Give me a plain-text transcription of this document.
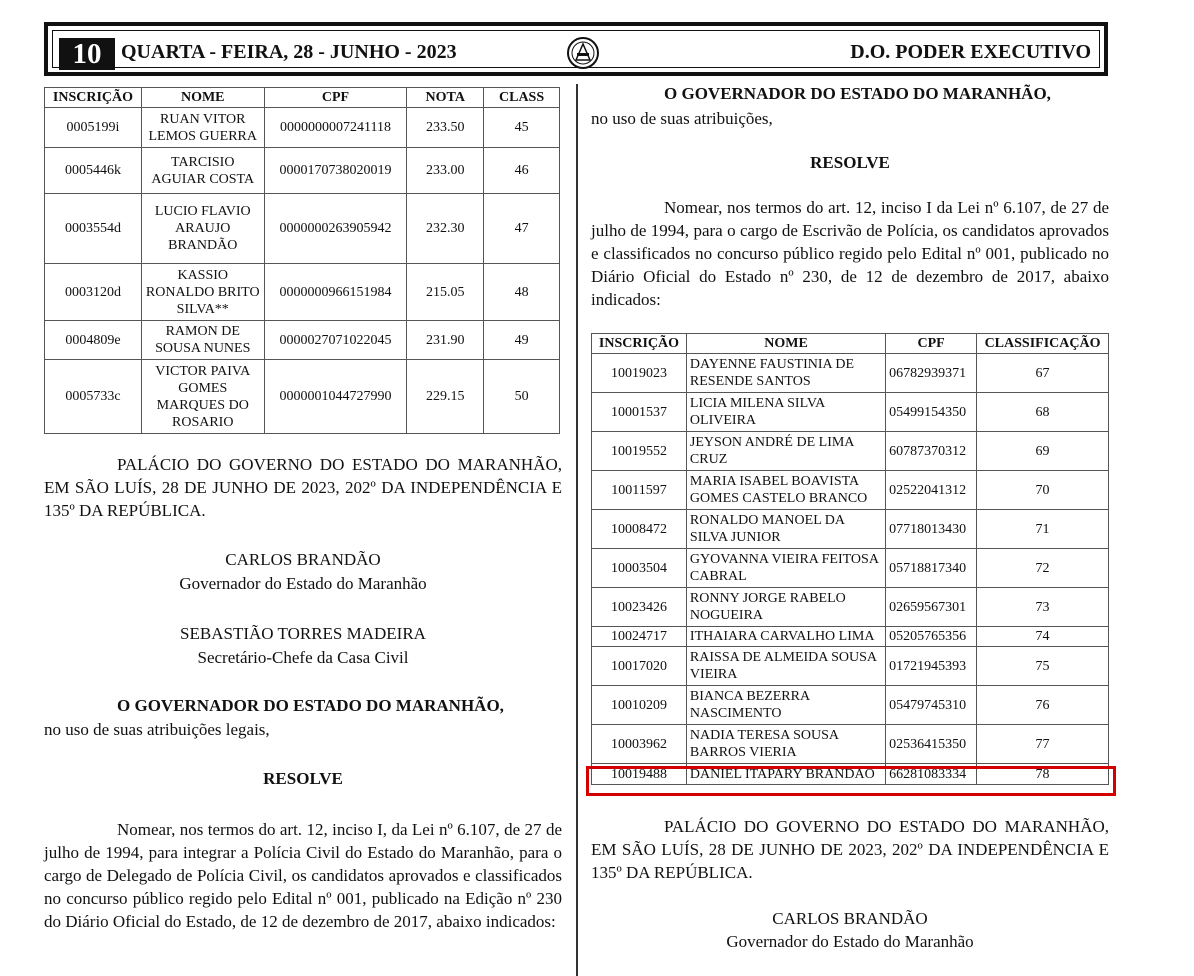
10 QUARTA - FEIRA, 28 - JUNHO - 2023	D.O. PODER EXECUTIVO
INSCRIÇÃO	NOME	CPF	NOTA	CLASS
0005199i	RUAN VITOR LEMOS GUERRA	0000000007241118	233.50	45
0005446k	TARCISIO AGUIAR COSTA	0000170738020019	233.00	46
0003554d	LUCIO FLAVIO ARAUJO BRANDÃO	0000000263905942	232.30	47
0003120d	KASSIO RONALDO BRITO SILVA**	0000000966151984	215.05	48
0004809e	RAMON DE SOUSA NUNES	0000027071022045	231.90	49
0005733c	VICTOR PAIVA GOMES MARQUES DO ROSARIO	0000001044727990	229.15	50
PALÁCIO DO GOVERNO DO ESTADO DO MARANHÃO, EM SÃO LUÍS, 28 DE JUNHO DE 2023, 202º DA INDEPENDÊNCIA E 135º DA REPÚBLICA.
CARLOS BRANDÃO
Governador do Estado do Maranhão
SEBASTIÃO TORRES MADEIRA
Secretário-Chefe da Casa Civil
O GOVERNADOR DO ESTADO DO MARANHÃO,
no uso de suas atribuições legais,
RESOLVE
Nomear, nos termos do art. 12, inciso I, da Lei nº 6.107, de 27 de julho de 1994, para integrar a Polícia Civil do Estado do Maranhão, para o cargo de Delegado de Polícia Civil, os candidatos aprovados e classificados no concurso público regido pelo Edital nº 001, publicado na Edição nº 230 do Diário Oficial do Estado, de 12 de dezembro de 2017, abaixo indicados:
O GOVERNADOR DO ESTADO DO MARANHÃO,
no uso de suas atribuições,
RESOLVE
Nomear, nos termos do art. 12, inciso I da Lei nº 6.107, de 27 de julho de 1994, para o cargo de Escrivão de Polícia, os candidatos aprovados e classificados no concurso público regido pelo Edital nº 001, publicado no Diário Oficial do Estado nº 230, de 12 de dezembro de 2017, abaixo indicados:
INSCRIÇÃO	NOME	CPF	CLASSIFICAÇÃO
10019023	DAYENNE FAUSTINIA DE RESENDE SANTOS	06782939371	67
10001537	LICIA MILENA SILVA OLIVEIRA	05499154350	68
10019552	JEYSON ANDRÉ DE LIMA CRUZ	60787370312	69
10011597	MARIA ISABEL BOAVISTA GOMES CASTELO BRANCO	02522041312	70
10008472	RONALDO MANOEL DA SILVA JUNIOR	07718013430	71
10003504	GYOVANNA VIEIRA FEITOSA CABRAL	05718817340	72
10023426	RONNY JORGE RABELO NOGUEIRA	02659567301	73
10024717	ITHAIARA CARVALHO LIMA	05205765356	74
10017020	RAISSA DE ALMEIDA SOUSA VIEIRA	01721945393	75
10010209	BIANCA BEZERRA NASCIMENTO	05479745310	76
10003962	NADIA TERESA SOUSA BARROS VIERIA	02536415350	77
10019488	DANIEL ITAPARY BRANDAO	66281083334	78
PALÁCIO DO GOVERNO DO ESTADO DO MARANHÃO, EM SÃO LUÍS, 28 DE JUNHO DE 2023, 202º DA INDEPENDÊNCIA E 135º DA REPÚBLICA.
CARLOS BRANDÃO
Governador do Estado do Maranhão
